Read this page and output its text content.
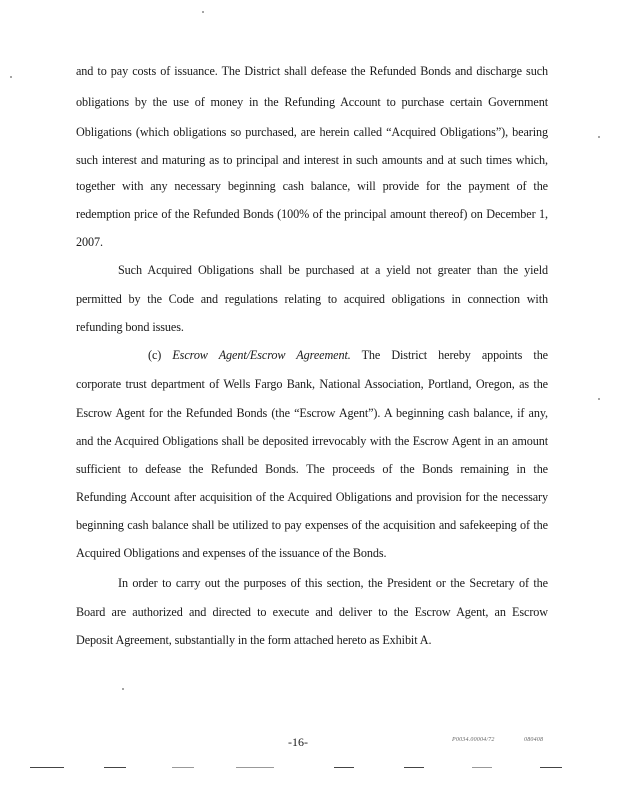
and to pay costs of issuance. The District shall defease the Refunded Bonds and discharge such
obligations by the use of money in the Refunding Account to purchase certain Government
Obligations (which obligations so purchased, are herein called “Acquired Obligations”), bearing
such interest and maturing as to principal and interest in such amounts and at such times which,
together with any necessary beginning cash balance, will provide for the payment of the
redemption price of the Refunded Bonds (100% of the principal amount thereof) on December 1,
2007.
Such Acquired Obligations shall be purchased at a yield not greater than the yield
permitted by the Code and regulations relating to acquired obligations in connection with
refunding bond issues.
(c) Escrow Agent/Escrow Agreement. The District hereby appoints the
corporate trust department of Wells Fargo Bank, National Association, Portland, Oregon, as the
Escrow Agent for the Refunded Bonds (the “Escrow Agent”). A beginning cash balance, if any,
and the Acquired Obligations shall be deposited irrevocably with the Escrow Agent in an amount
sufficient to defease the Refunded Bonds. The proceeds of the Bonds remaining in the
Refunding Account after acquisition of the Acquired Obligations and provision for the necessary
beginning cash balance shall be utilized to pay expenses of the acquisition and safekeeping of the
Acquired Obligations and expenses of the issuance of the Bonds.
In order to carry out the purposes of this section, the President or the Secretary of the
Board are authorized and directed to execute and deliver to the Escrow Agent, an Escrow
Deposit Agreement, substantially in the form attached hereto as Exhibit A.
-16-	P0034.00004/72	080408
